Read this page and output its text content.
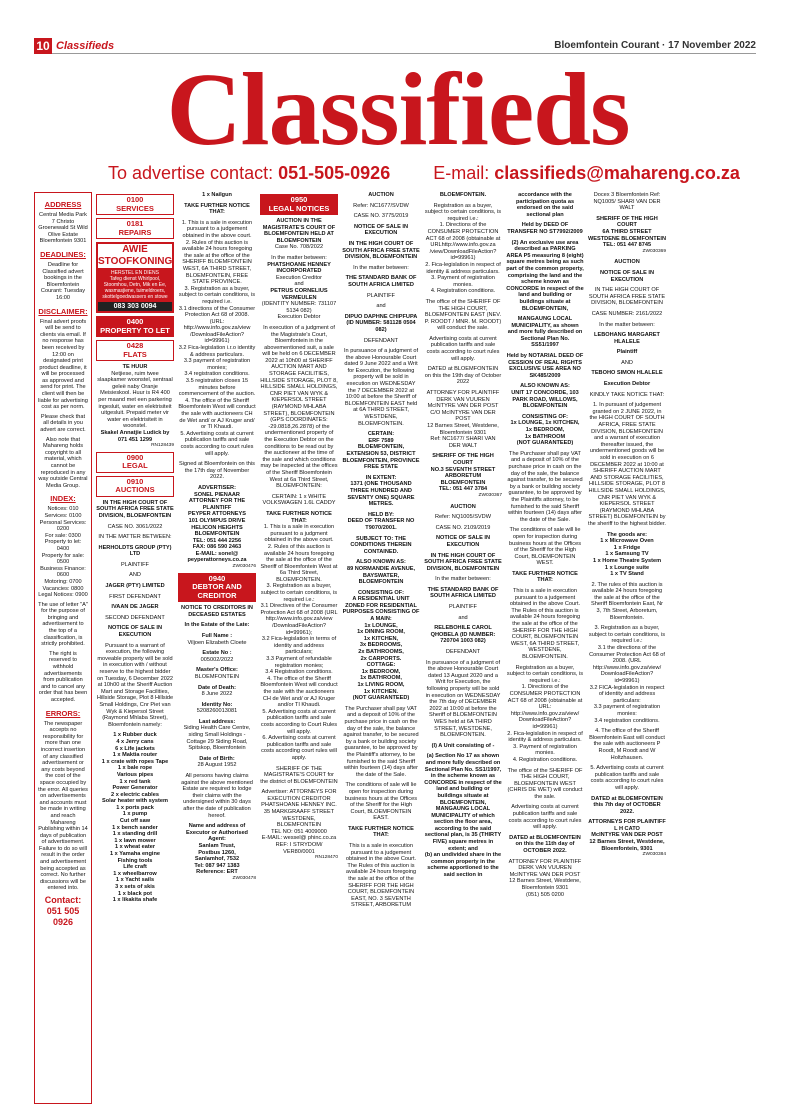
10 Classifieds	Bloemfontein Courant · 17 November 2022
Classifieds
To advertise contact: 051-505-0926 E-mail: classifieds@mahareng.co.za
ADDRESS
Central Media Park 7 Christo Groenewald St Wild Olive Estate Bloemfontein 9301
DEADLINES:
Deadline for Classified advert bookings in the Bloemfontein Courant: Tuesday 16:00
DISCLAIMER:
Final advert proofs will be send to clients via email. If no response has been received by 12:00 on designated print product deadline, it will be processed as approved and send for print. The client will then be liable for advertising cost as per norm.
Please check that all details in you advert are correct.
Also note that Mahareng holds copyright to all material, which cannot be reproduced in any way outside Central Media Group.
INDEX:
Notices: 010
Services: 0100
Personal Services: 0200
For sale: 0300
Property to let: 0400
Property for sale: 0500
Business Finance: 0600
Motoring: 0700
Vacancies: 0800
Legal Notices: 0900
The use of letter "A" for the purpose of bringing and advertisement to the top of a classification, is strictly prohibited.
The right is reserved to withhold advertisements from publication and to cancel any order that has been accepted.
ERRORS:
The newspaper accepts no responsibility for more than one incorrect insertion of any classified advertisement or any costs beyond the cost of the space occupied by the error. All queries on advertisements and accounts must be made in writing and reach Mahareng Publishing within 14 days of publication of advertisement. Failure to do so will result in the order and advertisement being accepted as correct. No further discussions will be entered into.
Contact:
051 505 0926
0100
SERVICES
0181
REPAIRS
AWIE STOOFKONING
HERSTEL EN DIENS
Tafeg dienst Whirlpool, Stoomhou, Detn, Mik en Ee, wasmasjiene, tuimeldroers, skottelgoedwassers en stowe
083 303 0094
0400
PROPERTY TO LET
0428
FLATS
TE HUUR
Netjiese, ruim twee slaapkamer woonstel, sentraal geleë naby Oranje Meisieskool. Huur is R4 400 per maand met een parkering ingesluit, water en elektrisiteit uitgesluit. Prepaid meter vir water en elektrisiteit in woonstel.
Skakel Annatjie Ludick by 071 451 1299
RN128439
0900
LEGAL
0910
AUCTIONS
IN THE HIGH COURT OF SOUTH AFRICA FREE STATE DIVISION, BLOEMFONTEIN
CASE NO. 3061/2022
IN THE MATTER BETWEEN:
HERHOLDTS GROUP (PTY) LTD
PLAINTIFF
AND
JAGER (PTY) LIMITED
FIRST DEFENDANT
IVAAN DE JAGER
SECOND DEFENDANT
NOTICE OF SALE IN EXECUTION
Pursuant to a warrant of execution, the following moveable property will be sold in execution with / without reserve to the highest bidder on Tuesday, 6 December 2022 at 10h00 at the Sheriff Auction Mart and Storage Facilities, Hillside Storage, Plot 8 Hillside Small Holdings, Cnr Piet van Wyk & Kiepersol Street (Raymond Mhlaba Street), Bloemfontein namely:
1 x Rubber duck
4 x Jerry cans
6 x Life jackets
1 x Maktia router
1 x crate with ropes Tape
1 x bale rope
Various pipes
1 x red tank
Power Generator
2 x electric cables
Solar heater with system
1 x ports pack
1 x pump
Cut off saw
1 x bench sander
1 x standing drill
1 x lawn mower
1 x wheat eater
1 x Yamaha engine
Fishing tools
Life craft
1 x wheelbarrow
1 x Yacht sails
3 x sets of skis
1 x black pot
1 x likakita shafe
1 x Nailgun
TAKE FURTHER NOTICE THAT:
1. This is a sale in execution pursuant to a judgement obtained in the above court.
2. Rules of this auction is available 24 hours foregoing the sale at the office of the SHERIFF BLOEMFONTEIN WEST, 6A THIRD STREET, BLOEMFONTEIN, FREE STATE PROVINCE.
3. Registration as a buyer, subject to certain conditions, is required i.e.
3.1 directions of the Consumer Protection Act 68 of 2008. (URL: http://www.info.gov.za/view /DownloadFileAction? id=99961)
3.2 Fica-legislation i.r.o identity & address particulars.
3.3 payment of registration monies;
3.4 registration conditions.
3.5 registration closes 15 minutes before commencement of the auction.
4. The office of the Sheriff Bloemfontein West will conduct the sale with auctioneers CH de Wet and/ or AJ Kruger and/ or TI Khaudi.
5. Advertising costs at current publication tariffs and sale costs according to court rules will apply.
Signed at Bloemfontein on this the 17th day of November 2022.
ADVERTISER:
SONEL PIENAAR
ATTORNEY FOR THE PLAINTIFF
PEYPER ATTORNEYS
101 OLYMPUS DRIVE
HELICON HEIGHTS
BLOEMFONTEIN
TEL: 051 444 2256
FAX: 086 590 2463
E-MAIL: sonel@ peyperattorneys.co.za
ZW030476
0940
DEBTOR AND CREDITOR
NOTICE TO CREDITORS IN DECEASED ESTATES
In the Estate of the Late:
Full Name :
Viljoen Elizabeth Cloete
Estate No :
005002/2022
Master's Office:
BLOEMFONTEIN
Date of Death:
8 June 2022
Identity No:
5208260013081
Last address:
Siding Health Care Centre, siding Small Holdings - Cottage 29 Siding Road, Spitskop, Bloemfontein
Date of Birth:
28 August 1952
All persons having claims against the above mentioned Estate are required to lodge their claims with the undersigned within 30 days after the date of publication hereof.
Name and address of Executor or Authorised Agent:
Sanlam Trust,
Postbus 1260,
Sanlamhof, 7532
Tel: 087 947 1383
Reference: ERT
ZW030478
0950
LEGAL NOTICES
AUCTION IN THE MAGISTRATE'S COURT OF BLOEMFONTEIN HELD AT BLOEMFONTEIN
Case No. 708/2022
In the matter between:
PHATSHOANE HENNEY INCORPORATED
Execution Creditor
and
PETRUS CORNELIUS VERMEULEN
(IDENTITY NUMBER: 731107 5134 082)
Execution Debtor
In execution of a judgment of the Magistrate's Court, Bloemfontein in the abovementioned suit, a sale will be held on 6 DECEMBER 2022 at 10h00 at SHERIFF AUCTION MART AND STORAGE FACILITIES, HILLSIDE STORAGE, PLOT 8, HILLSIDE SMALL HOLDINGS, CNR PIET VAN WYK & KIEPERSOL STREET (RAYMOND MHLABA STREET), BLOEMFONTEIN (GPS COORDINATES: -29.0818,26.2878) of the undermentioned property of the Execution Debtor on the conditions to be read out by the auctioneer at the time of the sale and which conditions may be inspected at the offices of the Sheriff Bloemfontein West at 6a Third Street, BLOEMFONTEIN:
CERTAIN: 1 x WHITE VOLKSWAGEN 1.6L CADDY
TAKE FURTHER NOTICE THAT:
1. This is a sale in execution pursuant to a judgment obtained in the above court.
2. Rules of this auction is available 24 hours foregoing the sale at the office of the Sheriff of Bloemfontein West at 6a Third Street, BLOEMFONTEIN.
3. Registration as a buyer, subject to certain conditions, is required i.e.:
3.1 Directives of the Consumer Protection Act 68 of 2008 (URL http://www.info.gov.za/view /DownloadFileAction? id=99961);
3.2 Fica-legislation in terms of identity and address particulars;
3.3 Payment of refundable registration monies;
3.4 Registration conditions.
4. The office of the Sheriff Bloemfontein West will conduct the sale with the auctioneers CH de Wet and/ or AJ Kruger and/or TI Khaudi.
5. Advertising costs at current publication tariffs and sale costs according to Court Rules will apply.
6. Advertising costs at current publication tariffs and sale costs according court rules will apply.
SHERIFF OF THE MAGISTRATE'S COURT for the district of BLOEMFONTEIN
Advertiser: ATTORNEYS FOR EXECUTION CREDITOR
PHATSHOANE HENNEY INC.
35 MARKGRAAFF STREET WESTDENE, BLOEMFONTEIN
TEL NO: 051 4009000
E-MAIL: wessel@ phinc.co.za
REF: I STRYDOM/ VER80/0001
RN128470
AUCTION
Refer: NC1677/SVDW
CASE NO. 3775/2019
NOTICE OF SALE IN EXECUTION
IN THE HIGH COURT OF SOUTH AFRICA FREE STATE DIVISION, BLOEMFONTEIN
In the matter between:
THE STANDARD BANK OF SOUTH AFRICA LIMITED
PLAINTIFF
and
DIPUO DAPHNE CHIPFUPA (ID NUMBER: 581128 0504 082)
DEFENDANT
In pursuance of a judgment of the above Honourable Court dated 9 June 2022 and a Writ for Execution, the following property will be sold in execution on WEDNESDAY the 7 DECEMBER 2022 at 10:00 at before the Sheriff of BLOEMFONTEIN EAST held at 6A THIRD STREET, WESTDENE, BLOEMFONTEIN.
CERTAIN:
ERF 7589
BLOEMFONTEIN,
EXTENSION 53, DISTRICT BLOEMFONTEIN, PROVINCE FREE STATE
IN EXTENT:
1371 (ONE THOUSAND THREE HUNDRED AND SEVENTY ONE) SQUARE METRES.
HELD BY:
DEED OF TRANSFER NO T9070/2001.
SUBJECT TO: THE CONDITIONS THEREIN CONTAINED.
ALSO KNOWN AS:
89 NORMANDIE AVENUE, BAYSWATER, BLOEMFONTEIN
CONSISTING OF:
A RESIDENTIAL UNIT ZONED FOR RESIDENTIAL PURPOSES CONSISTING OF A MAIN:
1x LOUNGE,
1x DINING ROOM,
1x KITCHEN,
3x BEDROOMS,
2x BATHROOMS,
2x CARPORTS.
COTTAGE:
1x BEDROOM,
1x BATHROOM,
1x LIVING ROOM,
1x KITCHEN.
(NOT GUARANTEED)
The Purchaser shall pay VAT and a deposit of 10% of the purchase price in cash on the day of the sale, the balance against transfer, to be secured by a bank or building society guarantee, to be approved by the Plaintiff's attorney, to be furnished to the said Sheriff within fourteen (14) days after the date of the Sale.
The conditions of sale will lie open for inspection during business hours at the Offices of the Sheriff for the High Court, BLOEMFONTEIN EAST.
TAKE FURTHER NOTICE THAT:
This is a sale in execution pursuant to a judgement obtained in the above Court. The Rules of this auction is available 24 hours foregoing the sale at the office of the SHERIFF FOR THE HIGH COURT, BLOEMFONTEIN EAST, NO. 3 SEVENTH STREET, ARBORETUM
BLOEMFONTEIN.
Registration as a buyer, subject to certain conditions, is required i.e.:
1. Directions of the CONSUMER PROTECTION ACT 68 of 2008 (obtainable at URLhttp://www.info.gov.za /view/DownloadFileAction? id=99961)
2. Fica-legislation in respect of identity & address particulars.
3. Payment of registration monies.
4. Registration conditions.
The office of the SHERIFF OF THE HIGH COURT, BLOEMFONTEIN EAST (NEV. P. ROODT / MNR. M. ROODT) will conduct the sale.
Advertising costs at current publication tariffs and sale costs according to court rules will apply.
DATED at BLOEMFONTEIN on this the 19th day of October 2022
ATTORNEY FOR PLAINTIFF
DERK VAN VUUREN
McINTYRE VAN DER POST
C/O McINTYRE VAN DER POST
12 Barnes Street, Westdene, Bloemfontein 9301
Ref: NC1677/ SHARI VAN DER WALT
SHERIFF OF THE HIGH COURT
NO.3 SEVENTH STREET ARBORETUM BLOEMFONTEIN
TEL: 051 447 3784
ZW030367
AUCTION
Refer: NQ1005/SVDW
CASE NO. 2109/2019
NOTICE OF SALE IN EXECUTION
IN THE HIGH COURT OF SOUTH AFRICA FREE STATE DIVISION, BLOEMFONTEIN
In the matter between:
THE STANDARD BANK OF SOUTH AFRICA LIMITED
PLAINTIFF
and
RELEBOHILE CAROL QHOBELA (ID NUMBER: 720704 1003 082)
DEFENDANT
In pursuance of a judgment of the above Honourable Court dated 13 August 2020 and a Writ for Execution, the following property will be sold in execution on WEDNESDAY the 7th day of DECEMBER 2022 at 10:00 at before the Sheriff of BLOEMFONTEIN WES held at 6A THIRD STREET, WESTDENE, BLOEMFONTEIN.
(I) A Unit consisting of -
(a) Section No 17 as shown and more fully described on Sectional Plan No. SS1/1997, in the scheme known as CONCORDE in respect of the land and building or buildings situate at BLOEMFONTEIN, MANGAUNG LOCAL MUNICIPALITY of which section the floor area, according to the said sectional plan, is 35 (THIRTY FIVE) square metres in extent; and
(b) an undivided share in the common property in the scheme apportioned to the said section in
accordance with the participation quota as endorsed on the said sectional plan
Held by DEED OF TRANSFER NO ST7992/2009
(2) An exclusive use area described as PARKING AREA P5 measuring 8 (eight) square metres being as such part of the common property, comprising the land and the scheme known as CONCORDE in respect of the land and building or buildings situate at BLOEMFONTEIN,
MANGAUNG LOCAL MUNICIPALITY, as shown and more fully described on Sectional Plan No. SS51/1997
Held by NOTARIAL DEED OF CESSION OF REAL RIGHTS EXCLUSIVE USE AREA NO SK485/2009
ALSO KNOWN AS:
UNIT 17 CONCORDE, 103 PARK ROAD, WILLOWS, BLOEMFONTEIN
CONSISTING OF:
1x LOUNGE, 1x KITCHEN,
1x BEDROOM,
1x BATHROOM
(NOT GUARANTEED)
The Purchaser shall pay VAT and a deposit of 10% of the purchase price in cash on the day of the sale, the balance against transfer, to be secured by a bank or building society guarantee, to be approved by the Plaintiffs attorney, to be furnished to the said Sheriff within fourteen (14) days after the date of the Sale.
The conditions of sale will lie open for inspection during business hours at the Offices of the Sheriff for the High Court, BLOEMFONTEIN WEST.
TAKE FURTHER NOTICE THAT:
This is a sale in execution pursuant to a judgement obtained in the above Court. The Rules of this auction is available 24 hours foregoing the sale at the office of the SHERIFF FOR THE HIGH COURT, BLOEMFONTEIN WEST, 6A THIRD STREET, WESTDENE, BLOEMFONTEIN.
Registration as a buyer, subject to certain conditions, is required i.e.:
1. Directions of the CONSUMER PROTECTION ACT 68 of 2008 (obtainable at URL: http://www.info.gov.za/view/ DownloadFileAction? id=99961)
2. Fica-legislation in respect of identity & address particulars.
3. Payment of registration monies.
4. Registration conditions.
The office of the SHERIFF OF THE HIGH COURT, BLOEMFONTEIN WEST (CHRIS DE WET) will conduct the sale.
Advertising costs at current publication tariffs and sale costs according to court rules will apply.
DATED at BLOEMFONTEIN on this the 11th day of OCTOBER 2022.
ATTORNEY FOR PLAINTIFF
DERK VAN VUUREN
McINTYRE VAN DER POST
12 Barnes Street, Westdene, Bloemfontein 9301
(051) 505 0200
Docex 3 Bloemfontein Ref: NQ1005/ SHARI VAN DER WALT
SHERIFF OF THE HIGH COURT
6A THIRD STREET WESTDENE BLOEMFONTEIN
TEL: 051 447 8745
ZW030369
AUCTION
NOTICE OF SALE IN EXECUTION
IN THE HIGH COURT OF SOUTH AFRICA FREE STATE DIVISION, BLOEMFONTEIN
CASE NUMBER: 2161/2022
In the matter between:
LEBOHANG MARGARET HLALELE
Plaintiff
AND
TEBOHO SIMON HLALELE
Execution Debtor
KINDLY TAKE NOTICE THAT:
1. In pursuant of judgement granted on 2 JUNE 2022, in the HIGH COURT OF SOUTH AFRICA, FREE STATE DIVISION, BLOEMFONTEIN and a warrant of execution thereafter issued, the undermentioned goods will be sold in execution on 6 DECEMBER 2022 at 10:00 at SHERIFF AUCTION MART AND STORAGE FACILITIES, HILLSIDE STORAGE, PLOT 8 HILLSIDE SMALL HOLDINGS, CNR PIET VAN WYK & KIEPERSOL STREET (RAYMOND MHLABA STREET) BLOEMFONTEIN by the sheriff to the highest bidder.
The goods are:
1 x Microwave Oven
1 x Fridge
1 x Samsung TV
1 x Home Theatre System
1 x Lounge suite
1 x TV Stand
2. The rules of this auction is available 24 hours foregoing the sale at the office of the Sheriff Bloemfontein East, Nr 3, 7th Street, Arboretum, Bloemfontein.
3. Registration as a buyer, subject to certain conditions, is required i.e.:
3.1 the directions of the Consumer Protection Act 68 of 2008. (URL http://www.info.gov.za/view/ DownloadFileAction? id=99961)
3.2 FICA-legislation in respect of identity and address particulars:
3.3 payment of registration monies:
3.4 registration conditions.
4. The office of the Sheriff Bloemfontein East will conduct the sale with auctioneers P Roodt, M Roodt and W Holtzhausen.
5. Advertising costs at current publication tariffs and sale costs according to court rules will apply.
DATED at BLOEMFONTEIN this 7th day of OCTOBER 2022.
ATTORNEYS FOR PLAINTIFF
L H CATO
McINTYRE VAN DER POST
12 Barnes Street, Westdene, Bloemfontein, 9301
ZW030384
